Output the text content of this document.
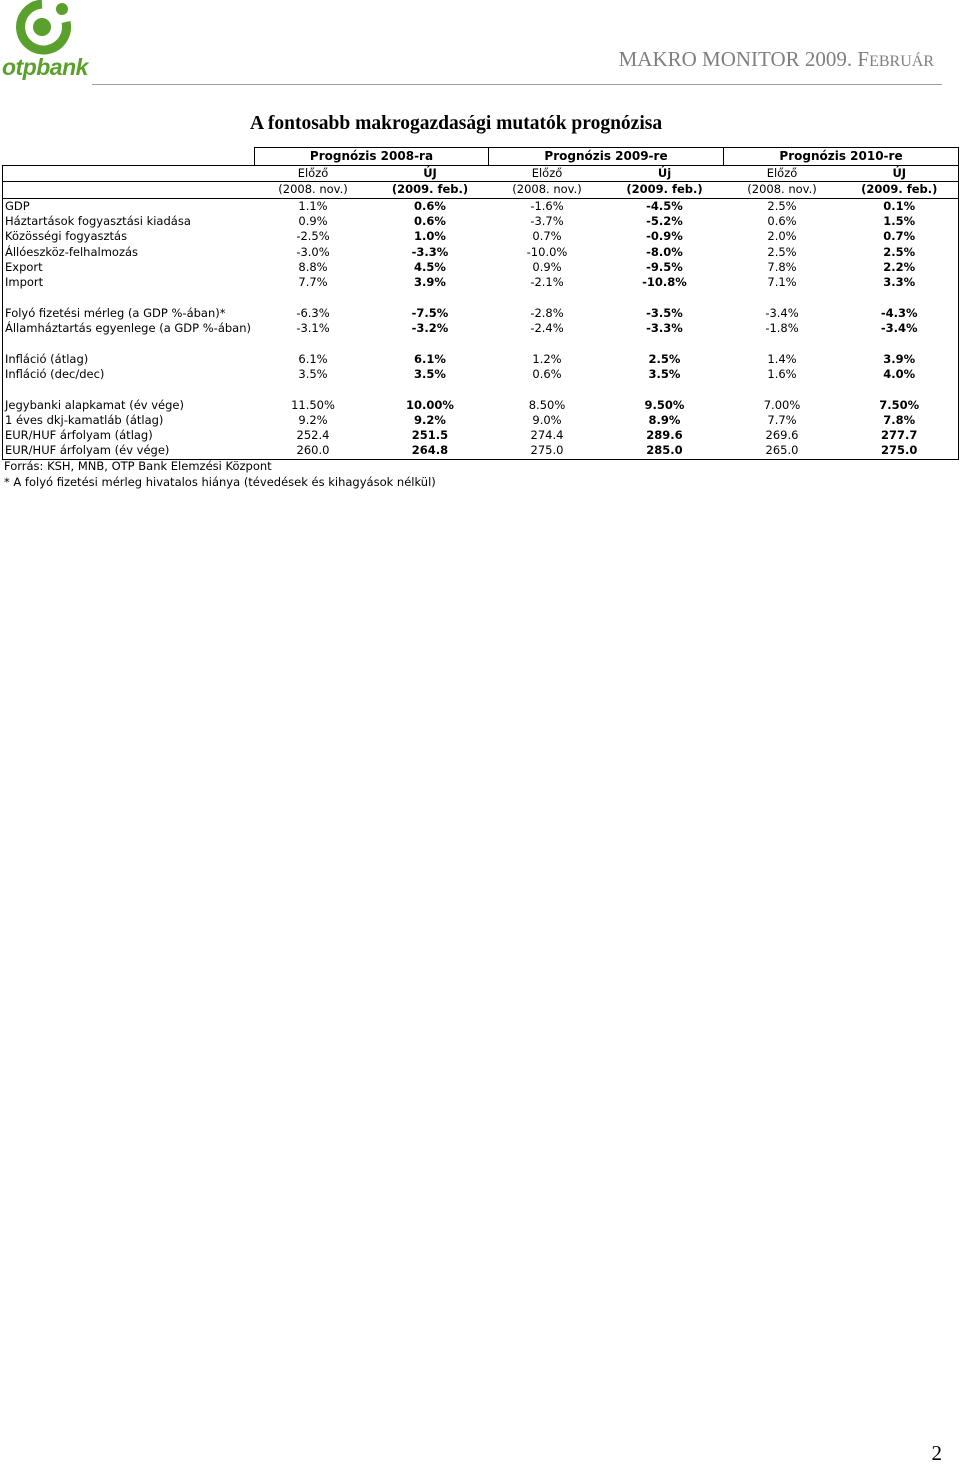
otpbank	MAKRO MONITOR 2009. FEBRUÁR
A fontosabb makrogazdasági mutatók prognózisa
	Prognózis 2008-ra		Prognózis 2009-re		Prognózis 2010-re	
	Előző	ÚJ	Előző	Új	Előző	ÚJ
	(2008. nov.)	(2009. feb.)	(2008. nov.)	(2009. feb.)	(2008. nov.)	(2009. feb.)
GDP	1.1%	0.6%	-1.6%	-4.5%	2.5%	0.1%
Háztartások fogyasztási kiadása	0.9%	0.6%	-3.7%	-5.2%	0.6%	1.5%
Közösségi fogyasztás	-2.5%	1.0%	0.7%	-0.9%	2.0%	0.7%
Állóeszköz-felhalmozás	-3.0%	-3.3%	-10.0%	-8.0%	2.5%	2.5%
Export	8.8%	4.5%	0.9%	-9.5%	7.8%	2.2%
Import	7.7%	3.9%	-2.1%	-10.8%	7.1%	3.3%

Folyó fizetési mérleg (a GDP %-ában)*	-6.3%	-7.5%	-2.8%	-3.5%	-3.4%	-4.3%
Államháztartás egyenlege (a GDP %-ában)	-3.1%	-3.2%	-2.4%	-3.3%	-1.8%	-3.4%

Infláció (átlag)	6.1%	6.1%	1.2%	2.5%	1.4%	3.9%
Infláció (dec/dec)	3.5%	3.5%	0.6%	3.5%	1.6%	4.0%

Jegybanki alapkamat (év vége)	11.50%	10.00%	8.50%	9.50%	7.00%	7.50%
1 éves dkj-kamatláb (átlag)	9.2%	9.2%	9.0%	8.9%	7.7%	7.8%
EUR/HUF árfolyam (átlag)	252.4	251.5	274.4	289.6	269.6	277.7
EUR/HUF árfolyam (év vége)	260.0	264.8	275.0	285.0	265.0	275.0
Forrás: KSH, MNB, OTP Bank Elemzési Központ
* A folyó fizetési mérleg hivatalos hiánya (tévedések és kihagyások nélkül)
2
